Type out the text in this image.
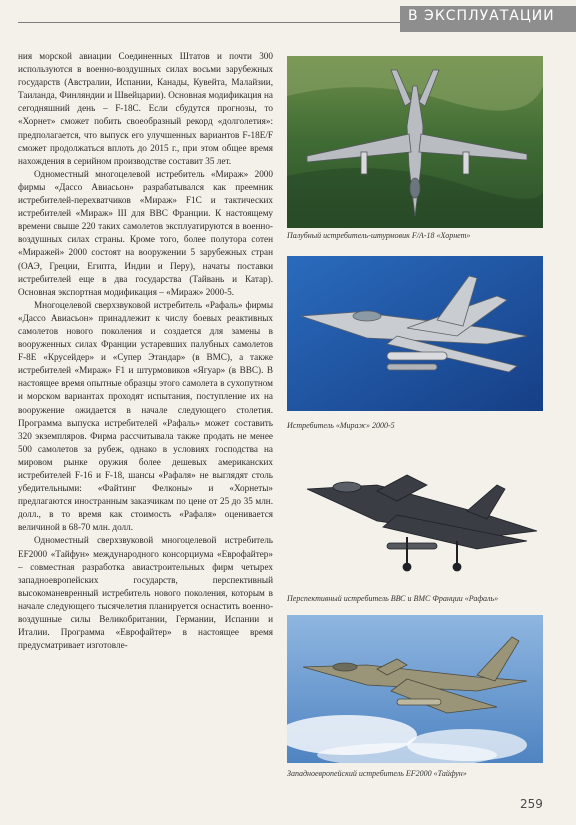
В ЭКСПЛУАТАЦИИ

ния морской авиации Соединенных Штатов и почти 300 используются в военно-воздушных силах восьми зарубежных государств (Австралии, Испании, Канады, Кувейта, Малайзии, Таиланда, Финляндии и Швейцарии). Основная модификация на сегодняшний день – F-18C. Если сбудутся прогнозы, то «Хорнет» сможет побить своеобразный рекорд «долголетия»: предполагается, что выпуск его улучшенных вариантов F-18E/F сможет продолжаться вплоть до 2015 г., при этом общее время нахождения в серийном производстве составит 35 лет.

Одноместный многоцелевой истребитель «Мираж» 2000 фирмы «Дассо Авиасьон» разрабатывался как преемник истребителей-перехватчиков «Мираж» F1C и тактических истребителей «Мираж» III для ВВС Франции. К настоящему времени свыше 220 таких самолетов эксплуатируются в военно-воздушных силах страны. Кроме того, более полутора сотен «Миражей» 2000 состоят на вооружении 5 зарубежных стран (ОАЭ, Греции, Египта, Индии и Перу), начаты поставки истребителей еще в два государства (Тайвань и Катар). Основная экспортная модификация – «Мираж» 2000-5.

Многоцелевой сверхзвуковой истребитель «Рафаль» фирмы «Дассо Авиасьон» принадлежит к числу боевых реактивных самолетов нового поколения и создается для замены в вооруженных силах Франции устаревших палубных самолетов F-8E «Крусейдер» и «Супер Этандар» (в ВМС), а также истребителей «Мираж» F1 и штурмовиков «Ягуар» (в ВВС). В настоящее время опытные образцы этого самолета в сухопутном и морском вариантах проходят испытания, поступление их на вооружение ожидается в начале следующего столетия. Программа выпуска истребителей «Рафаль» может составить 320 экземпляров. Фирма рассчитывала также продать не менее 500 самолетов за рубеж, однако в условиях господства на мировом рынке оружия более дешевых американских истребителей F-16 и F-18, шансы «Рафаля» не выглядят столь убедительными: «Файтинг Фелконы» и «Хорнеты» предлагаются иностранным заказчикам по цене от 25 до 35 млн. долл., в то время как стоимость «Рафаля» оценивается величиной в 68-70 млн. долл.

Одноместный сверхзвуковой многоцелевой истребитель EF2000 «Тайфун» международного консорциума «Еврофайтер» – совместная разработка авиастроительных фирм четырех западноевропейских государств, перспективный высокоманевренный истребитель нового поколения, которым в начале следующего тысячелетия планируется оснастить военно-воздушные силы Великобритании, Германии, Испании и Италии. Программа «Еврофайтер» в настоящее время предусматривает изготовле-

Палубный истребитель-штурмовик F/A-18 «Хорнет»
Истребитель «Мираж» 2000-5
Перспективный истребитель ВВС и ВМС Франции «Рафаль»
Западноевропейский истребитель EF2000 «Тайфун»
259
